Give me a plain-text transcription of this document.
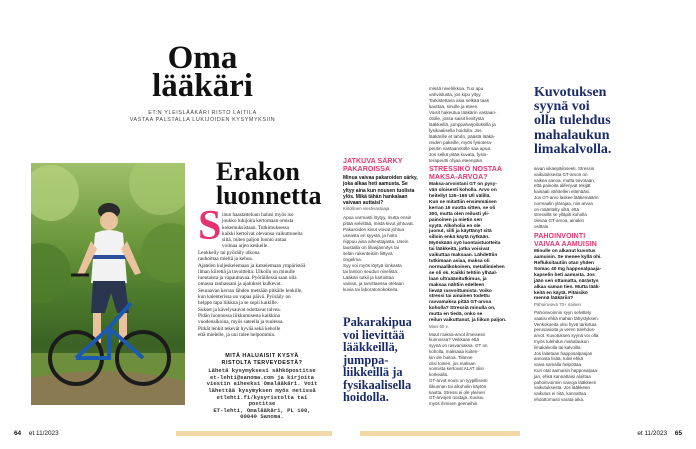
Oma
lääkäri
ET:N YLEISLÄÄKÄRI RISTO LAITILA
VASTAA PALSTALLA LUKIJOIDEN KYSYMYKSIIN
Erakon
luonnetta
S inun haastatteluun halusi myös iso
joukko lukijoita kertomaan omista
kokemuksistaan. Tutkimuksessa
kaikki kertoivat olevansa vaikuttuneita
siitä, miten paljon luonto antaa
voimaa arjen keskelle.
Lenkkeily tai pyöräily ulkona
rauhoittaa mieltä ja kehoa.
Ajatelen kuljeskelemaan ja katselemaan ympäristöä
ilman kiirettä ja tavoitteita. Ulkoilu on minulle
luontaista ja vapauttavaa. Pyöräillessä saan olla
omassa rauhassani ja ajatukset kulkevat.
Seuraavan kerran lähden metsään pitkälle lenkille,
kun kalenterissa on vapaa päivä. Pyöräily on
helppo tapa liikkua ja se sopii kaikille.
Sukset ja kävelysauvat odottavat talvea.
Pidän luonnossa liikkumisesta kaikkina
vuodenaikoina, myös sateella ja tuulessa.
Pitkät lenkit tekevät hyvää sekä keholle
että mielelle, ja uni tulee helpommin.
MITÄ HALUAISIT KYSYÄ
RISTOLTA TERVEYDESTÄ?
Lähetä kysymyksesi sähköpostitse
et-lehti@sanoma.com ja kirjoita
viestin aiheeksi Omalääkäri. Voit
lähettää kysymyksen myös netissä
etlehti.fi/kysyristolta tai postitse
ET-lehti, Omalääkäri, PL 100,
00040 Sanoma.
JATKUVA SÄRKY
PAKAROISSA
Minua vaivaa pakaroiden särky,
joka alkaa heti aamusta. Se
yltyy aina kun nousen tuolista
ylös. Mikä tähän hankalaan
vaivaan auttaisi?
Kiitollinen viestivastaaja
Apua varmasti löytyy, mutta ensin
pitää selvittää, mistä kivut johtuvat.
Pakaroiden kivut voivat johtua
useasta eri syystä, ja hoito
riippuu aina aiheuttajasta. Usein
taustalla on lihasjännitys tai
selän rakenteisiin liittyvä
ongelma.
Syy voi myös löytyä lonkasta
tai lantion seudun nivelistä.
Lääkäri tutkii ja kartoittaa
vaivan, ja tarvittaessa otetaan
kuvia tai laboratoriokokeita.
Pakarakipua
voi lievittää
lääkkeillä,
jumppa-
liikkeillä ja
fysikaalisella
hoidolla.
missä nivelrikkoa. Tuo apu
vahvistusta, jos kipu yltyy.
Tarkistettava asia selkää taas
kauttaa, sinulle ja eteen.
Voisit hakeutua lääkärin vastaan-
otolle, jossa saisit lievitystä
lääkkeillä, jumppaharjoituksilla ja
fysikaalisella hoidolla. Jos
lääkärille et tahdo, päästä lääkä-
reiden pakeille, myös fysiotera-
peutin vastaanotolle saa apua.
Jos selkä pitää kuvata, fysio-
terapeutti ohjaa eteenpäin.
STRESSIKÖ NOSTAA
MAKSA-ARVOA?
Maksa-arvoistani GT on pysy-
vän oloisesti koholla. Arvo on
heitellyt 125–165 U/l välillä.
Kun se mitattiin ensimmäisen
kerran 15 vuotta sitten, se oli
300, mutta olen reilusti yli-
painoinen ja mietin sen
syytä. Alkoholia en ole
juonut, silli ja käyttänyt sitä
silloin enkä käytä nytkään.
Myöskään syö luontaistuotteita
tai lääkkeitä, jotka voisivat
vaikuttaa maksaan. Lähdettiin
tutkimaan asiaa, maksa oli
normaalikokoinen, metallimiehen
se oli ok. Kaikki tehtiin ylhäal-
laan ultraäänitutkimus, ja
maksaa nähtiin edelleen
lievää rasvoittumista. Voiko
stressi tai ainainen todettu
ravvamaksa pitää GT-arvoa
koholla? Stressiä minulla on,
mutta en tiedä, onko se
reilun vaikuttanut, ja liikun paljon.
Mies 60 v.
Muut maksa-arvot ilmeisesti
kunnossa? Veikkaan että
syynä on rasvamaksa. GT on
koholla, maksaaa kuiten-
kin ole hoitoa. Tilanne
olisi toinen, jos maksan
voimista kertovat ALAT olisi
korkealla.
GT-arvot nousi on tyypillisesti
liikunnan tai alkoholin käytön
kautta. Stressi ei ole yleinen
GT-arvojen nostaja. Kuuluu
myös ihmisen geeneihin.
Kuvotuksen
syynä voi
olla tulehdus
mahalaukun
limakalvolla.
aivan vikaepäiloseeti. Stressin
vaikutuksesta GT-arvon on
vaikea sanoa, mutta toivotaan,
että painoita alifenjvat tekijät
kainaati vähitellen elämääsi.
Jos GT-arvo laskee lääkemäärin
normaalin ylärajaa, niin arvoa
on määritelty siltä, että
stressillä se ylläpiti koholla
olevaa GT-arvoa, ainakin
osittain.
PAHOINVOINTI
VAIVAA AAMUISIN
Minulle on alkanut kuvotus
aamuisin. Se menee kyllä ohi.
Refluksitautiin otan yhden
Somac 40 mg happosalpaaja-
kapselin heti aamusta. Jos
jään sen ottamatta, närästys
alkaa saman tien. Mutta lääk-
keitä en käytä. Pitäisikö
mennä lääkäriin?
Pahoinvoiva 70+ nainen
Pahoinvoinnin syyn selvittely
vaatisi ehkä mahan tähystyksen.
Venkokoeita olisi hyvä tarkistaa
perusasioita ja veren tulehdus-
arvot. Kuvotuksen syynä voi olla
myös tulehdus mahalaukun
limakalvolla tai kalvoilla.
Jos laitetaan happosalpaajan
annosta lisää, tulisi ehkä
vaiva samalla helpottaa.
Kun otat aamuisin happosalpaa-
jan, ehkä kannattaisi aloittaa
pahoinvoinnin vaivoja lääkkeen
vaikutuksesta. Jos lääkkeen
vaikutus ei riitä, kannattaa
ehdottomasti varata aika.
64 et 11/2023	et 11/2023 65
